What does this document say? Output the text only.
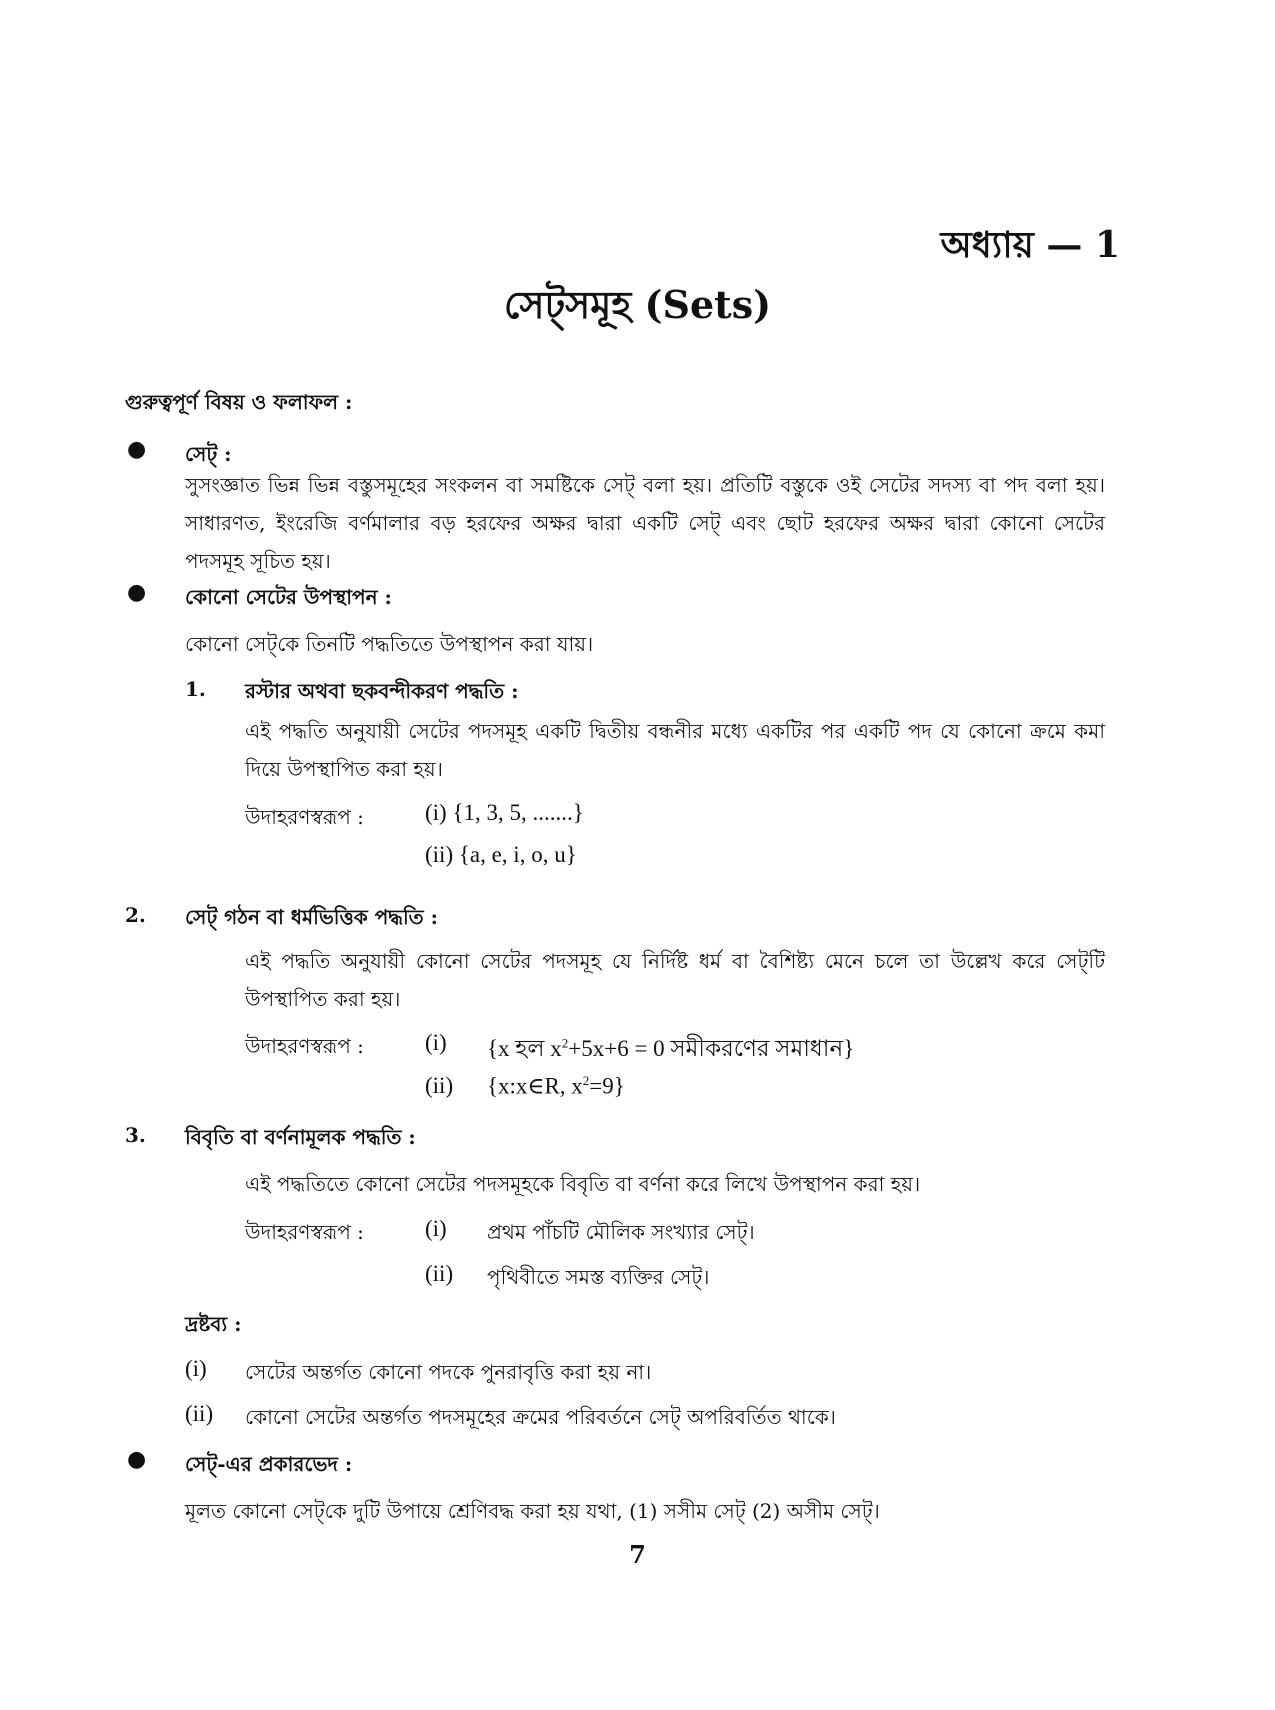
অধ্যায় — 1
সেট্‌সমূহ (Sets)
গুরুত্বপূর্ণ বিষয় ও ফলাফল :
● সেট্ :
সুসংজ্ঞাত ভিন্ন ভিন্ন বস্তুসমূহের সংকলন বা সমষ্টিকে সেট্ বলা হয়। প্রতিটি বস্তুকে ওই সেটের সদস্য বা পদ বলা হয়। সাধারণত, ইংরেজি বর্ণমালার বড় হরফের অক্ষর দ্বারা একটি সেট্ এবং ছোট হরফের অক্ষর দ্বারা কোনো সেটের পদসমূহ সূচিত হয়।
● কোনো সেটের উপস্থাপন :
কোনো সেট্‌কে তিনটি পদ্ধতিতে উপস্থাপন করা যায়।
1. রস্টার অথবা ছকবন্দীকরণ পদ্ধতি :
এই পদ্ধতি অনুযায়ী সেটের পদসমূহ একটি দ্বিতীয় বন্ধনীর মধ্যে একটির পর একটি পদ যে কোনো ক্রমে কমা দিয়ে উপস্থাপিত করা হয়।
উদাহরণস্বরূপ :	(i) {1, 3, 5, .......}
(ii) {a, e, i, o, u}
2. সেট্ গঠন বা ধর্মভিত্তিক পদ্ধতি :
এই পদ্ধতি অনুযায়ী কোনো সেটের পদসমূহ যে নির্দিষ্ট ধর্ম বা বৈশিষ্ট্য মেনে চলে তা উল্লেখ করে সেট্‌টি উপস্থাপিত করা হয়।
উদাহরণস্বরূপ :	(i) {x হল $x^2+5x+6 = 0$ সমীকরণের সমাধান}
(ii) {x:x∈R, $x^2=9$}
3. বিবৃতি বা বর্ণনামূলক পদ্ধতি :
এই পদ্ধতিতে কোনো সেটের পদসমূহকে বিবৃতি বা বর্ণনা করে লিখে উপস্থাপন করা হয়।
উদাহরণস্বরূপ :	(i) প্রথম পাঁচটি মৌলিক সংখ্যার সেট্।
(ii) পৃথিবীতে সমস্ত ব্যক্তির সেট্।
দ্রষ্টব্য :
(i) সেটের অন্তর্গত কোনো পদকে পুনরাবৃত্তি করা হয় না।
(ii) কোনো সেটের অন্তর্গত পদসমূহের ক্রমের পরিবর্তনে সেট্ অপরিবর্তিত থাকে।
● সেট্-এর প্রকারভেদ :
মূলত কোনো সেট্‌কে দুটি উপায়ে শ্রেণিবদ্ধ করা হয় যথা, (1) সসীম সেট্ (2) অসীম সেট্।
7
